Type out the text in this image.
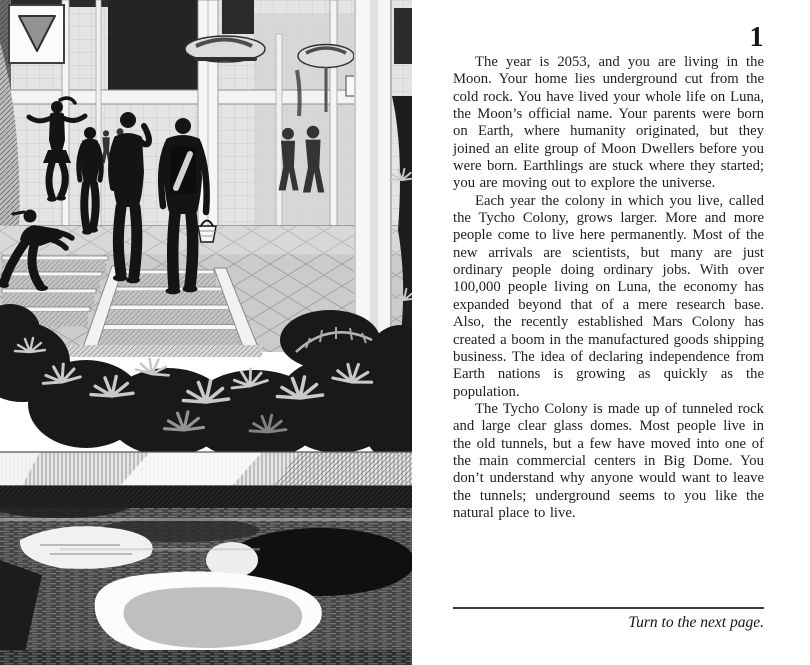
1

The year is 2053, and you are living in the Moon. Your home lies underground cut from the cold rock. You have lived your whole life on Luna, the Moon’s official name. Your parents were born on Earth, where humanity originated, but they joined an elite group of Moon Dwellers before you were born. Earthlings are stuck where they started; you are moving out to explore the universe.

Each year the colony in which you live, called the Tycho Colony, grows larger. More and more people come to live here permanently. Most of the new arrivals are scientists, but many are just ordinary people doing ordinary jobs. With over 100,000 people living on Luna, the economy has expanded beyond that of a mere research base. Also, the recently established Mars Colony has created a boom in the manufactured goods shipping business. The idea of declaring independence from Earth nations is growing as quickly as the population.

The Tycho Colony is made up of tunneled rock and large clear glass domes. Most people live in the old tunnels, but a few have moved into one of the main commercial centers in Big Dome. You don’t understand why anyone would want to leave the tunnels; underground seems to you like the natural place to live.

Turn to the next page.
